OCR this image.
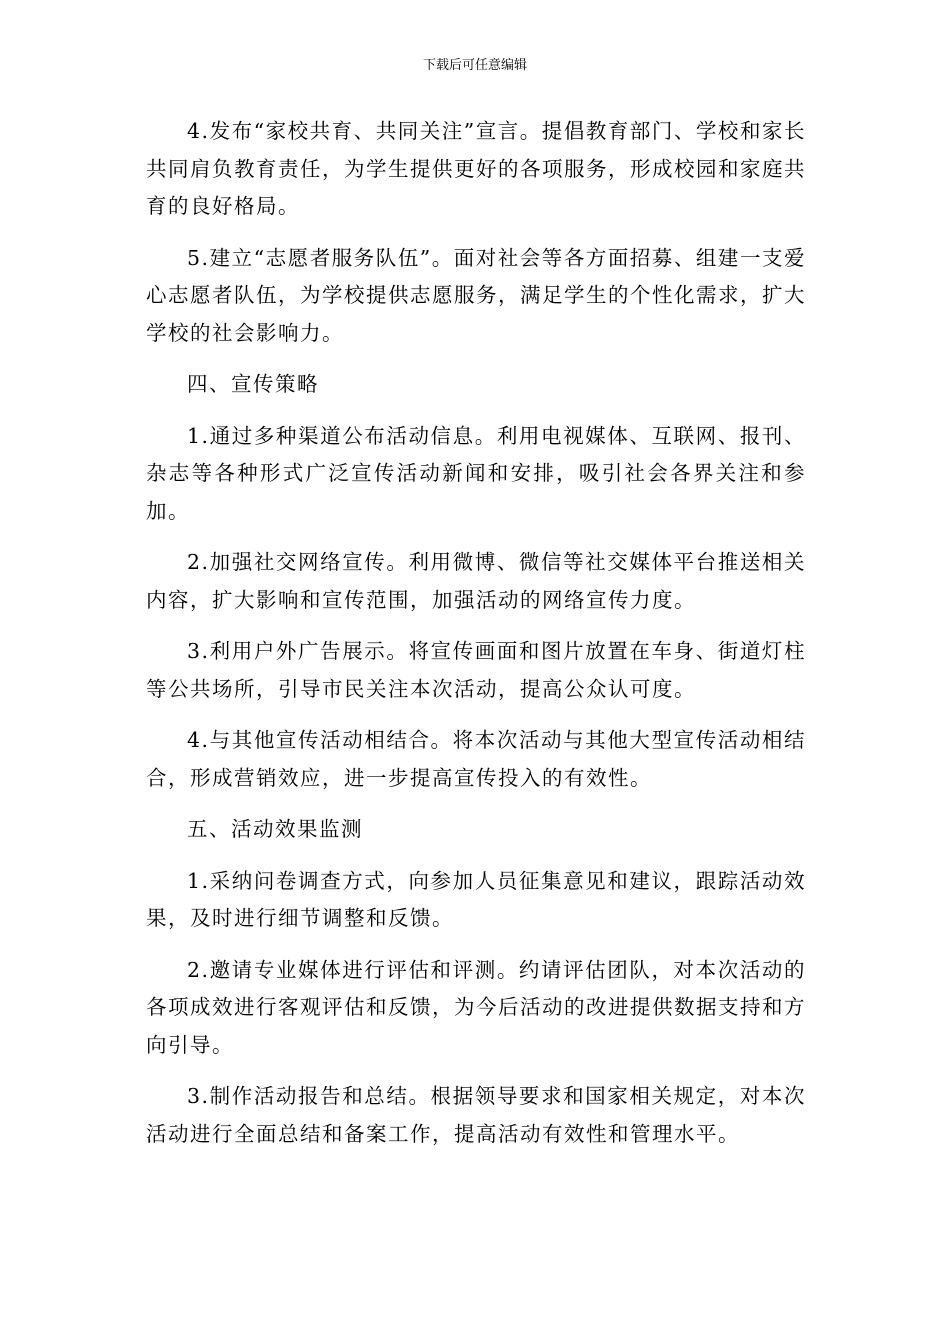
下载后可任意编辑

4.发布“家校共育、共同关注”宣言。提倡教育部门、学校和家长共同肩负教育责任，为学生提供更好的各项服务，形成校园和家庭共育的良好格局。

5.建立“志愿者服务队伍”。面对社会等各方面招募、组建一支爱心志愿者队伍，为学校提供志愿服务，满足学生的个性化需求，扩大学校的社会影响力。

四、宣传策略

1.通过多种渠道公布活动信息。利用电视媒体、互联网、报刊、杂志等各种形式广泛宣传活动新闻和安排，吸引社会各界关注和参加。

2.加强社交网络宣传。利用微博、微信等社交媒体平台推送相关内容，扩大影响和宣传范围，加强活动的网络宣传力度。

3.利用户外广告展示。将宣传画面和图片放置在车身、街道灯柱等公共场所，引导市民关注本次活动，提高公众认可度。

4.与其他宣传活动相结合。将本次活动与其他大型宣传活动相结合，形成营销效应，进一步提高宣传投入的有效性。

五、活动效果监测

1.采纳问卷调查方式，向参加人员征集意见和建议，跟踪活动效果，及时进行细节调整和反馈。

2.邀请专业媒体进行评估和评测。约请评估团队，对本次活动的各项成效进行客观评估和反馈，为今后活动的改进提供数据支持和方向引导。

3.制作活动报告和总结。根据领导要求和国家相关规定，对本次活动进行全面总结和备案工作，提高活动有效性和管理水平。
